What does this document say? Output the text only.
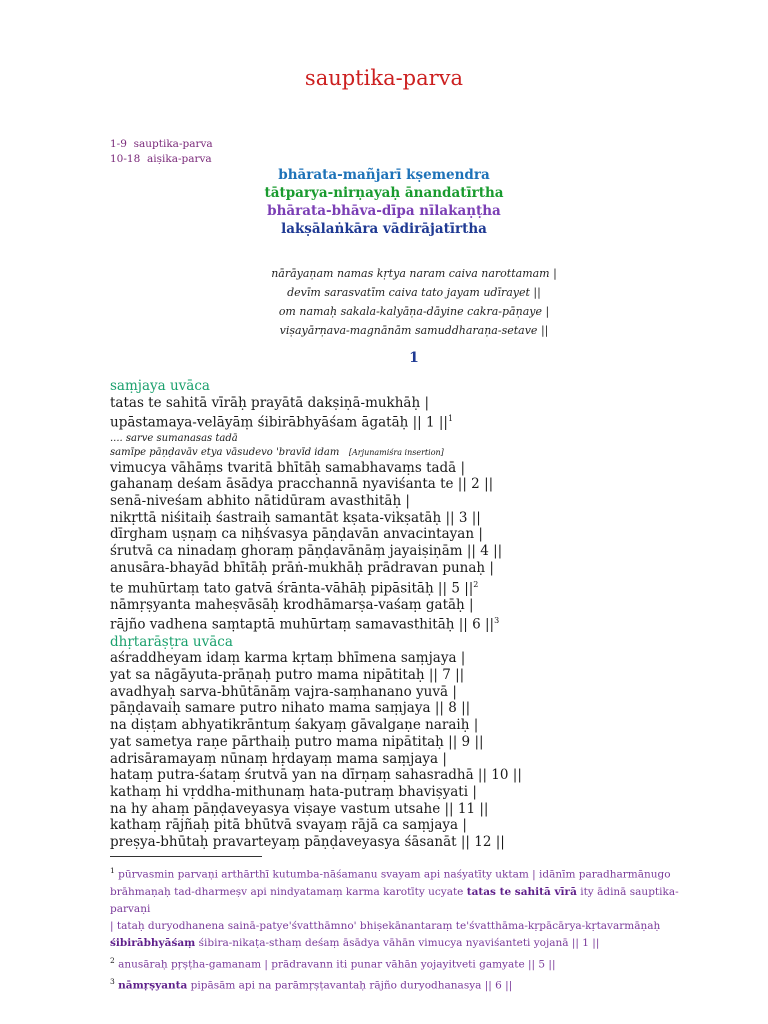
sauptika-parva
1-9 sauptika-parva
10-18 aiṣika-parva
bhārata-mañjarī kṣemendra
tātparya-nirṇayaḥ ānandatīrtha
bhārata-bhāva-dīpa nīlakaṇṭha
lakṣālaṅkāra vādirājatīrtha
nārāyaṇam namas kṛtya naram caiva narottamam |
devīm sarasvatīm caiva tato jayam udīrayet ||
om namaḥ sakala-kalyāṇa-dāyine cakra-pāṇaye |
viṣayārṇava-magnānām samuddharaṇa-setave ||
1
saṃjaya uvāca
tatas te sahitā vīrāḥ prayātā dakṣiṇā-mukhāḥ |
upāstamaya-velāyāṃ śibirābhyāśam āgatāḥ || 1 $||^1$
.... sarve sumanasas tadā
samīpe pāṇḍavāv etya vāsudevo 'bravīd idam [Arjunamiśra insertion]
vimucya vāhāṃs tvaritā bhītāḥ samabhavaṃs tadā |
gahanaṃ deśam āsādya pracchannā nyaviśanta te || 2 ||
senā-niveśam abhito nātidūram avasthitāḥ |
nikṛttā niśitaiḥ śastraiḥ samantāt kṣata-vikṣatāḥ || 3 ||
dīrgham uṣṇaṃ ca niḥśvasya pāṇḍavān anvacintayan |
śrutvā ca ninadaṃ ghoraṃ pāṇḍavānāṃ jayaiṣiṇām || 4 ||
anusāra-bhayād bhītāḥ prāṅ-mukhāḥ prādravan punaḥ |
te muhūrtaṃ tato gatvā śrānta-vāhāḥ pipāsitāḥ || 5 $||^2$
nāmṛṣyanta maheṣvāsāḥ krodhāmarṣa-vaśaṃ gatāḥ |
rājño vadhena saṃtaptā muhūrtaṃ samavasthitāḥ || 6 $||^3$
dhṛtarāṣṭra uvāca
aśraddheyam idaṃ karma kṛtaṃ bhīmena saṃjaya |
yat sa nāgāyuta-prāṇaḥ putro mama nipātitaḥ || 7 ||
avadhyaḥ sarva-bhūtānāṃ vajra-saṃhanano yuvā |
pāṇḍavaiḥ samare putro nihato mama saṃjaya || 8 ||
na diṣṭam abhyatikrāntuṃ śakyaṃ gāvalgaṇe naraiḥ |
yat sametya raṇe pārthaiḥ putro mama nipātitaḥ || 9 ||
adrisāramayaṃ nūnaṃ hṛdayaṃ mama saṃjaya |
hataṃ putra-śataṃ śrutvā yan na dīrṇaṃ sahasradhā || 10 ||
kathaṃ hi vṛddha-mithunaṃ hata-putraṃ bhaviṣyati |
na hy ahaṃ pāṇḍaveyasya viṣaye vastum utsahe || 11 ||
kathaṃ rājñaḥ pitā bhūtvā svayaṃ rājā ca saṃjaya |
preṣya-bhūtaḥ pravarteyaṃ pāṇḍaveyasya śāsanāt || 12 ||
$^1$ pūrvasmin parvaṇi arthārthī kutumba-nāśamanu svayam api naśyatīty uktam | idānīm paradharmānugo
brāhmaṇaḥ tad-dharmeṣv api nindyatamaṃ karma karotīty ucyate tatas te sahitā vīrā ity ādinā sauptika-parvaṇi
| tataḥ duryodhanena sainā-patye'śvatthāmno' bhiṣekānantaraṃ te'śvatthāma-kṛpācārya-kṛtavarmāṇaḥ
śibirābhyāśaṃ śibira-nikaṭa-sthaṃ deśaṃ āsādya vāhān vimucya nyaviśanteti yojanā || 1 ||
$^2$ anusāraḥ pṛṣṭha-gamanam | prādravann iti punar vāhān yojayitveti gamyate || 5 ||
$^3$ nāmṛṣyanta pipāsām api na parāmṛṣṭavantaḥ rājño duryodhanasya || 6 ||
